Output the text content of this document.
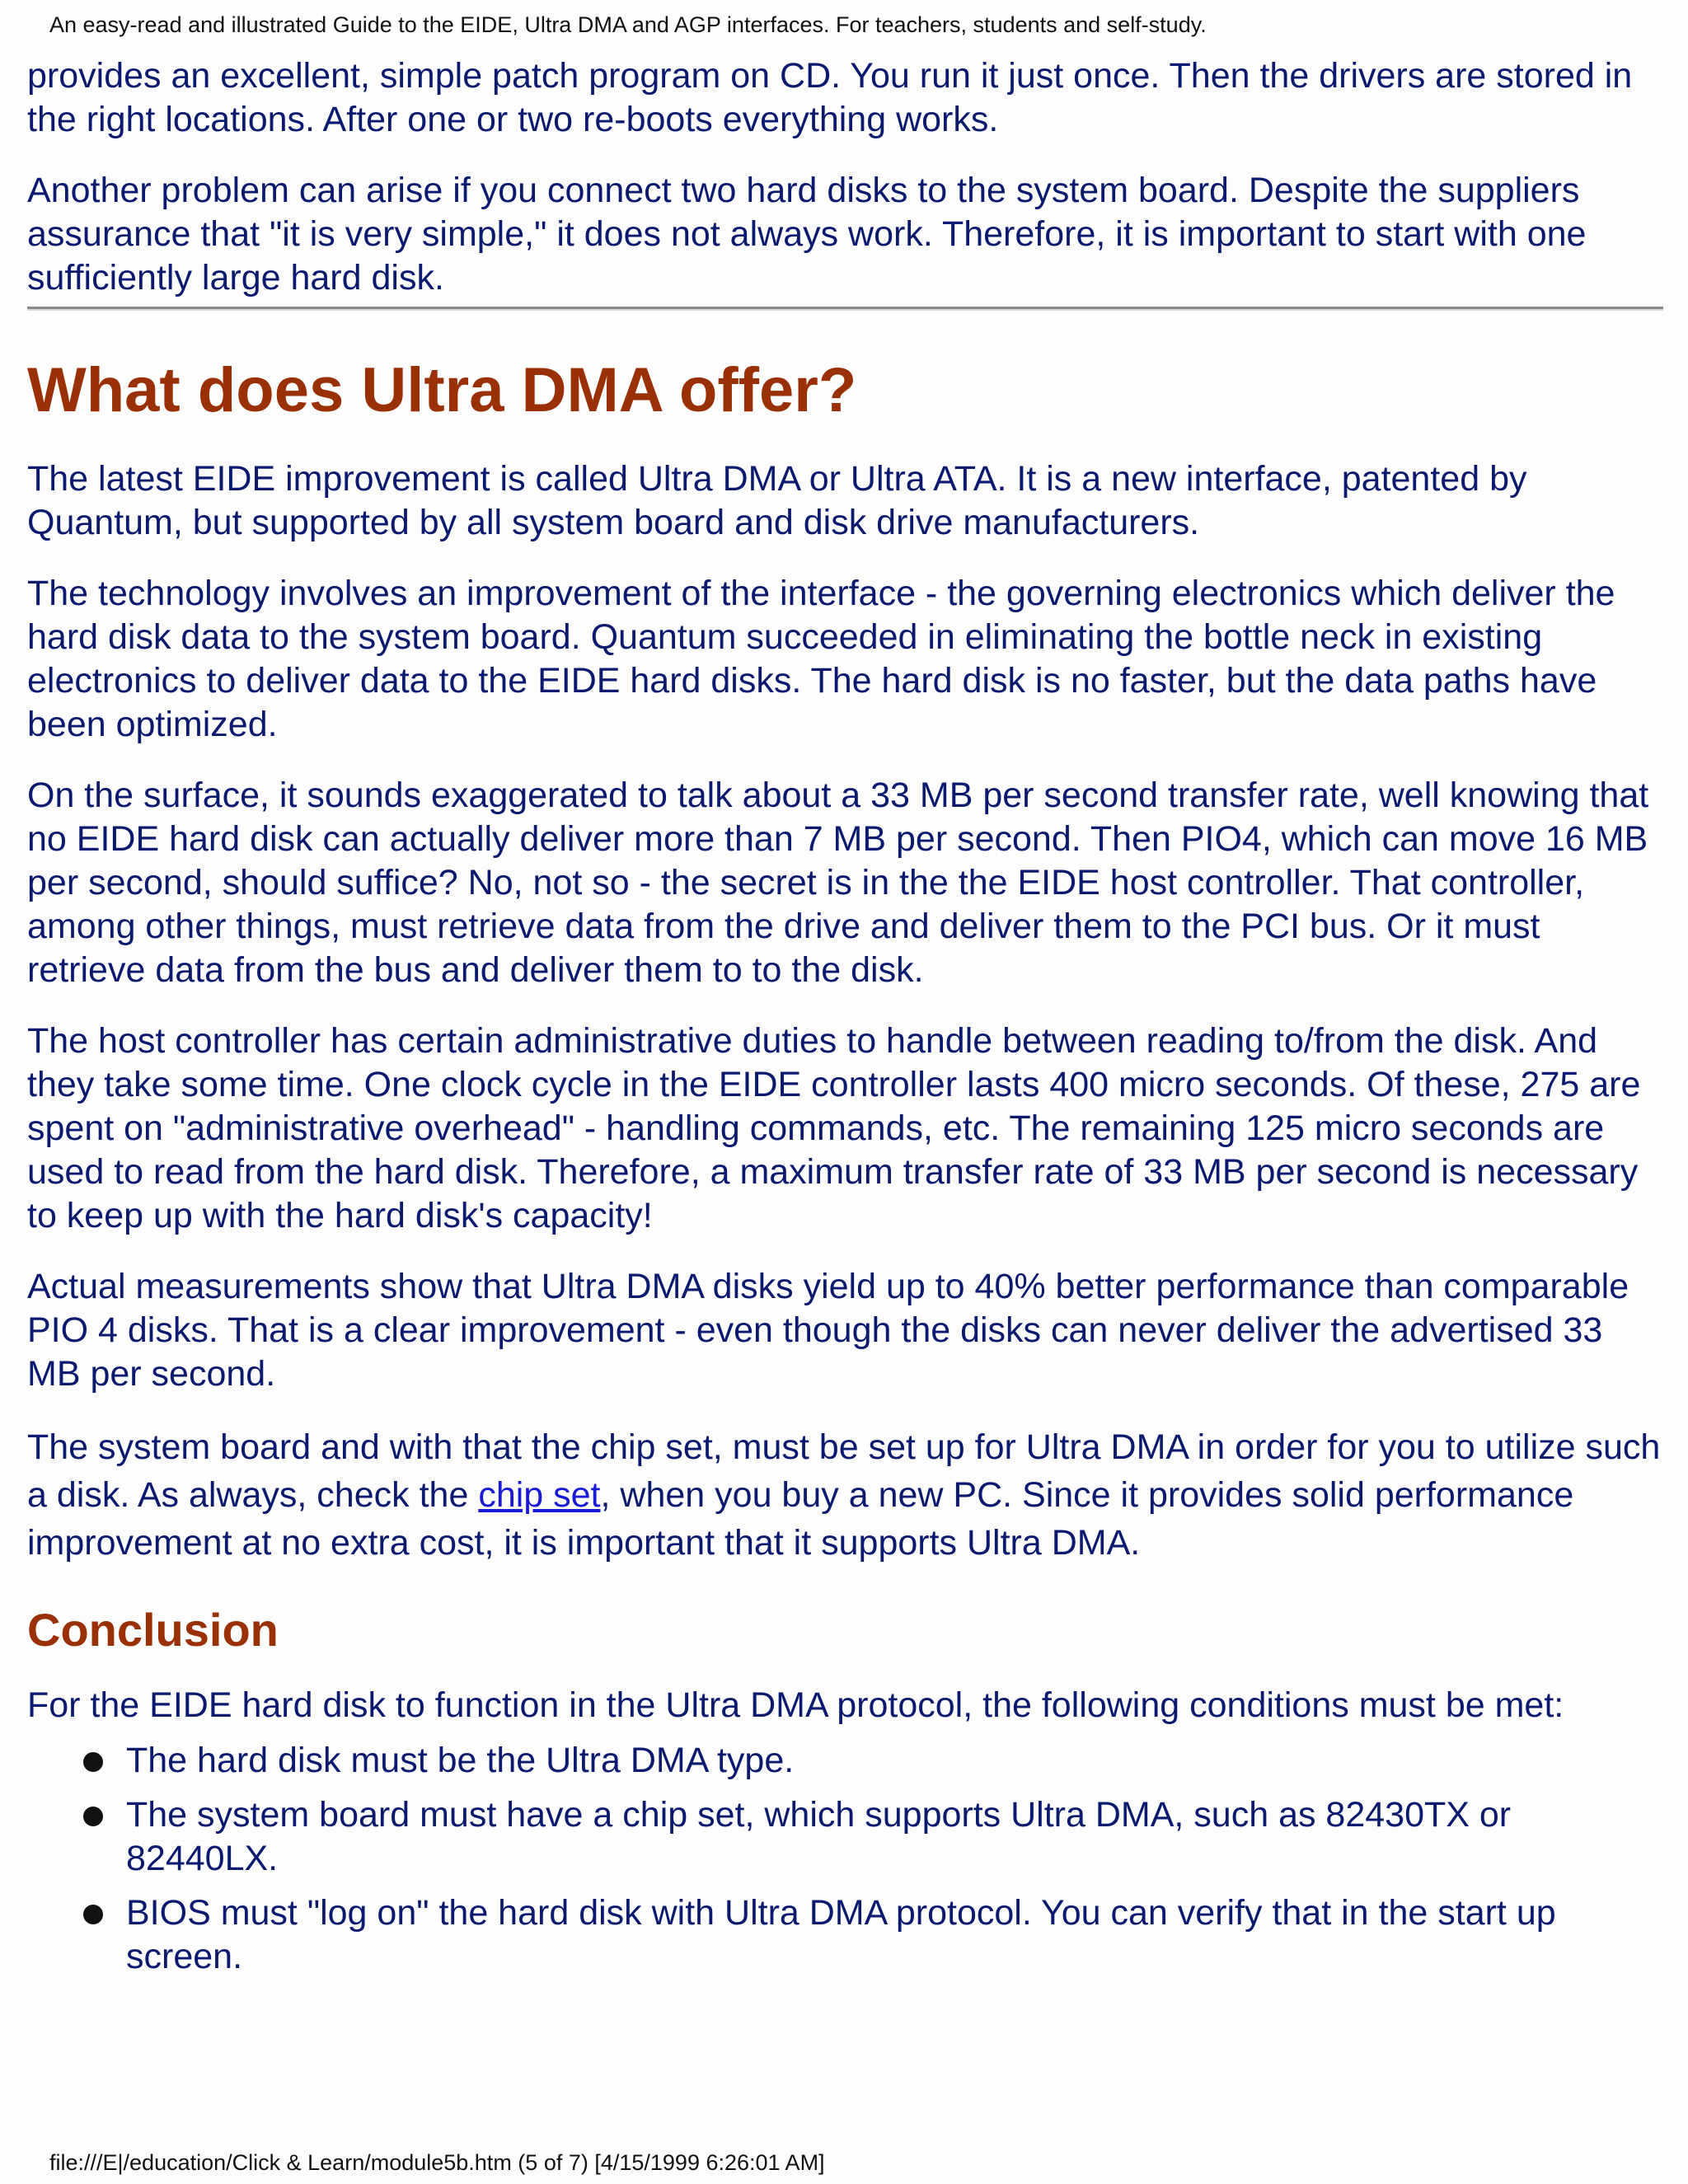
An easy-read and illustrated Guide to the EIDE, Ultra DMA and AGP interfaces. For teachers, students and self-study.

provides an excellent, simple patch program on CD. You run it just once. Then the drivers are stored in the right locations. After one or two re-boots everything works.

Another problem can arise if you connect two hard disks to the system board. Despite the suppliers assurance that "it is very simple," it does not always work. Therefore, it is important to start with one sufficiently large hard disk.

What does Ultra DMA offer?

The latest EIDE improvement is called Ultra DMA or Ultra ATA. It is a new interface, patented by Quantum, but supported by all system board and disk drive manufacturers.

The technology involves an improvement of the interface - the governing electronics which deliver the hard disk data to the system board. Quantum succeeded in eliminating the bottle neck in existing electronics to deliver data to the EIDE hard disks. The hard disk is no faster, but the data paths have been optimized.

On the surface, it sounds exaggerated to talk about a 33 MB per second transfer rate, well knowing that no EIDE hard disk can actually deliver more than 7 MB per second. Then PIO4, which can move 16 MB per second, should suffice? No, not so - the secret is in the the EIDE host controller. That controller, among other things, must retrieve data from the drive and deliver them to the PCI bus. Or it must retrieve data from the bus and deliver them to to the disk.

The host controller has certain administrative duties to handle between reading to/from the disk. And they take some time. One clock cycle in the EIDE controller lasts 400 micro seconds. Of these, 275 are spent on "administrative overhead" - handling commands, etc. The remaining 125 micro seconds are used to read from the hard disk. Therefore, a maximum transfer rate of 33 MB per second is necessary to keep up with the hard disk's capacity!

Actual measurements show that Ultra DMA disks yield up to 40% better performance than comparable PIO 4 disks. That is a clear improvement - even though the disks can never deliver the advertised 33 MB per second.

The system board and with that the chip set, must be set up for Ultra DMA in order for you to utilize such a disk. As always, check the chip set, when you buy a new PC. Since it provides solid performance improvement at no extra cost, it is important that it supports Ultra DMA.

Conclusion

For the EIDE hard disk to function in the Ultra DMA protocol, the following conditions must be met:

The hard disk must be the Ultra DMA type.
The system board must have a chip set, which supports Ultra DMA, such as 82430TX or 82440LX.
BIOS must "log on" the hard disk with Ultra DMA protocol. You can verify that in the start up screen.
file:///E|/education/Click & Learn/module5b.htm (5 of 7) [4/15/1999 6:26:01 AM]
